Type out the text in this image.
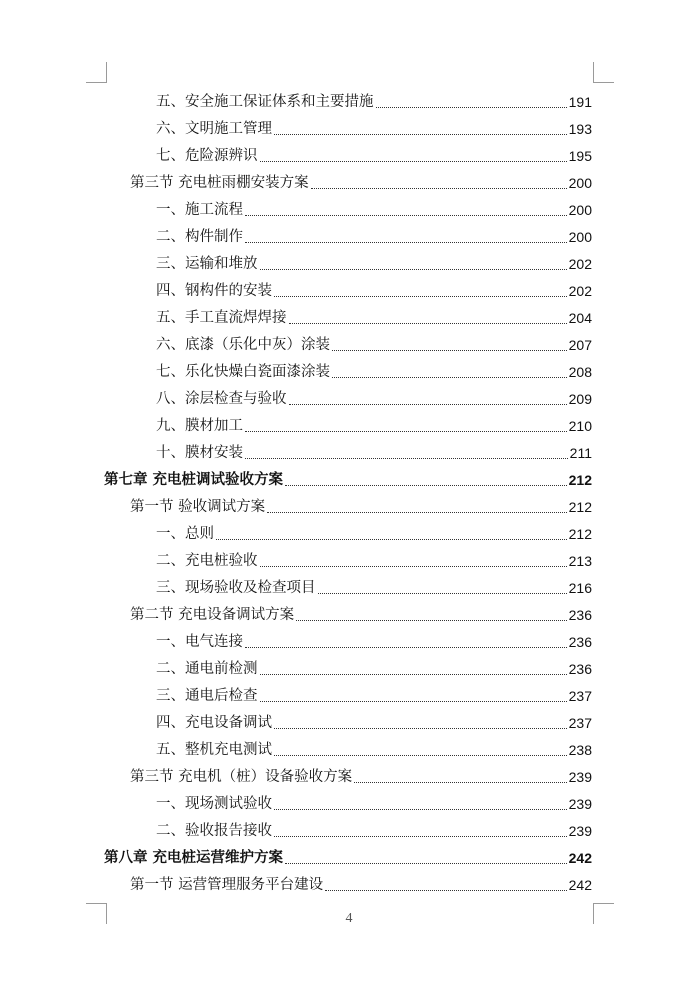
五、安全施工保证体系和主要措施	191
六、文明施工管理	193
七、危险源辨识	195
第三节 充电桩雨棚安装方案	200
一、施工流程	200
二、构件制作	200
三、运输和堆放	202
四、钢构件的安装	202
五、手工直流焊焊接	204
六、底漆（乐化中灰）涂装	207
七、乐化快燥白瓷面漆涂装	208
八、涂层检查与验收	209
九、膜材加工	210
十、膜材安装	211
第七章 充电桩调试验收方案	212
第一节 验收调试方案	212
一、总则	212
二、充电桩验收	213
三、现场验收及检查项目	216
第二节 充电设备调试方案	236
一、电气连接	236
二、通电前检测	236
三、通电后检查	237
四、充电设备调试	237
五、整机充电测试	238
第三节 充电机（桩）设备验收方案	239
一、现场测试验收	239
二、验收报告接收	239
第八章 充电桩运营维护方案	242
第一节 运营管理服务平台建设	242
4
